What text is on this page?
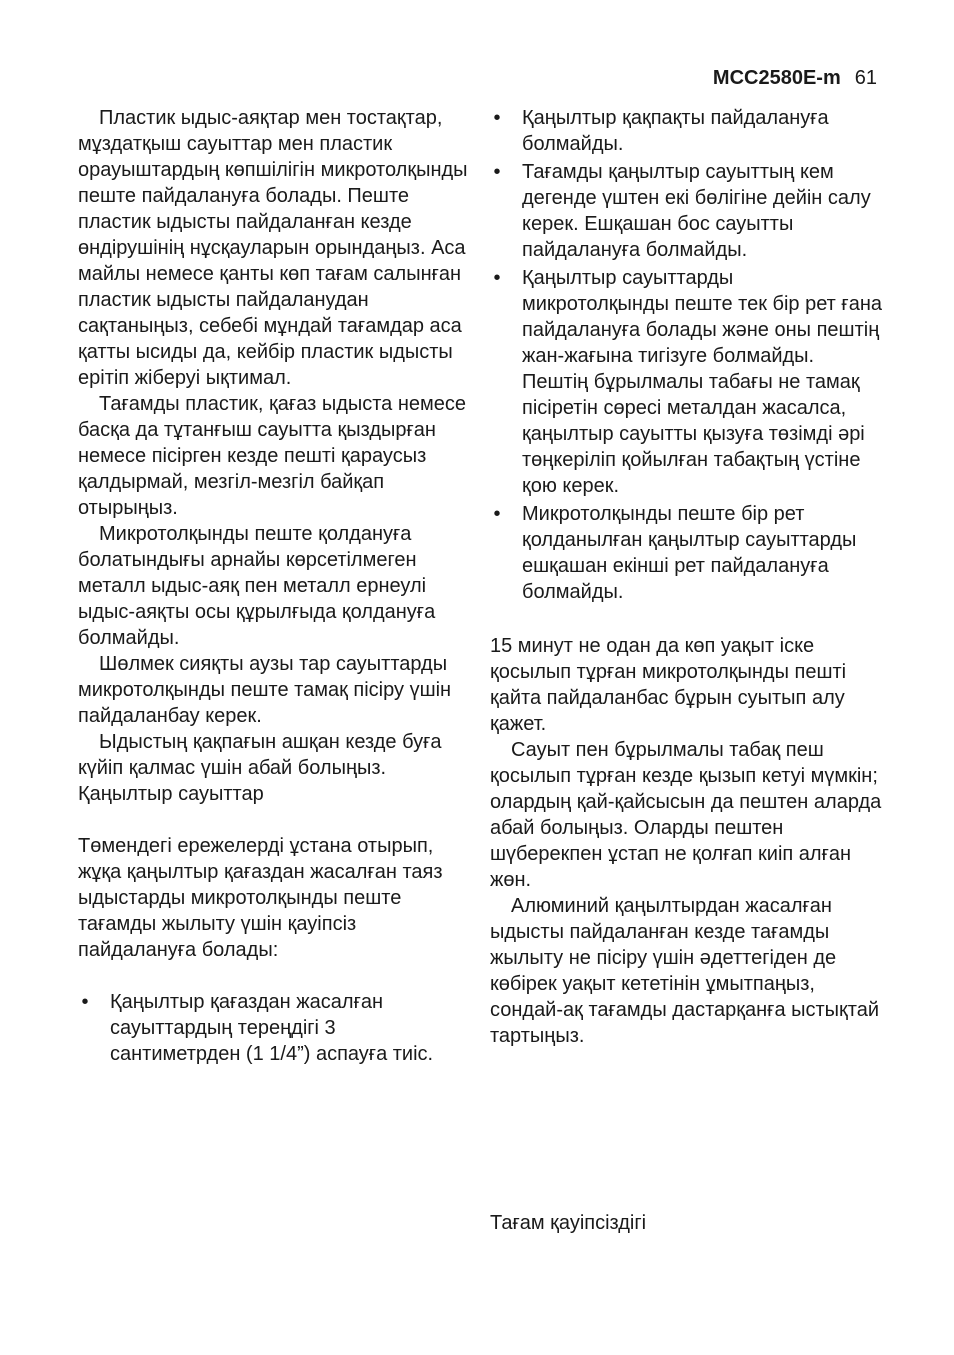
MCC2580E-m 61

Пластик ыдыс-аяқтар мен тостақтар, мұздатқыш сауыттар мен пластик орауыштардың көпшілігін микротолқынды пеште пайдалануға болады. Пеште пластик ыдысты пайдаланған кезде өндірушінің нұсқауларын орындаңыз. Аса майлы немесе қанты көп тағам салынған пластик ыдысты пайдаланудан сақтаныңыз, себебі мұндай тағамдар аса қатты ысиды да, кейбір пластик ыдысты ерітіп жіберуі ықтимал.

Тағамды пластик, қағаз ыдыста немесе басқа да тұтанғыш сауытта қыздырған немесе пісірген кезде пешті қараусыз қалдырмай, мезгіл-мезгіл байқап отырыңыз.

Микротолқынды пеште қолдануға болатындығы арнайы көрсетілмеген металл ыдыс-аяқ пен металл ернеулі ыдыс-аяқты осы құрылғыда қолдануға болмайды.

Шөлмек сияқты аузы тар сауыттарды микротолқынды пеште тамақ пісіру үшін пайдаланбау керек.

Ыдыстың қақпағын ашқан кезде буға күйіп қалмас үшін абай болыңыз.

Қаңылтыр сауыттар

Төмендегі ережелерді ұстана отырып, жұқа қаңылтыр қағаздан жасалған таяз ыдыстарды микротолқынды пеште тағамды жылыту үшін қауіпсіз пайдалануға болады:

• Қаңылтыр қағаздан жасалған сауыттардың тереңдігі 3 сантиметрден (1 1/4”) аспауға тиіс.
• Қаңылтыр қақпақты пайдалануға болмайды.
• Тағамды қаңылтыр сауыттың кем дегенде үштен екі бөлігіне дейін салу керек. Ешқашан бос сауытты пайдалануға болмайды.
• Қаңылтыр сауыттарды микротолқынды пеште тек бір рет ғана пайдалануға болады және оны пештің жан-жағына тигізуге болмайды. Пештің бұрылмалы табағы не тамақ пісіретін сөресі металдан жасалса, қаңылтыр сауытты қызуға төзімді әрі төңкеріліп қойылған табақтың үстіне қою керек.
• Микротолқынды пеште бір рет қолданылған қаңылтыр сауыттарды ешқашан екінші рет пайдалануға болмайды.

15 минут не одан да көп уақыт іске қосылып тұрған микротолқынды пешті қайта пайдаланбас бұрын суытып алу қажет.

Сауыт пен бұрылмалы табақ пеш қосылып тұрған кезде қызып кетуі мүмкін; олардың қай-қайсысын да пештен аларда абай болыңыз. Оларды пештен шүберекпен ұстап не қолғап киіп алған жөн.

Алюминий қаңылтырдан жасалған ыдысты пайдаланған кезде тағамды жылыту не пісіру үшін әдеттегіден де көбірек уақыт кететінін ұмытпаңыз, сондай-ақ тағамды дастарқанға ыстықтай тартыңыз.

Тағам қауіпсіздігі
